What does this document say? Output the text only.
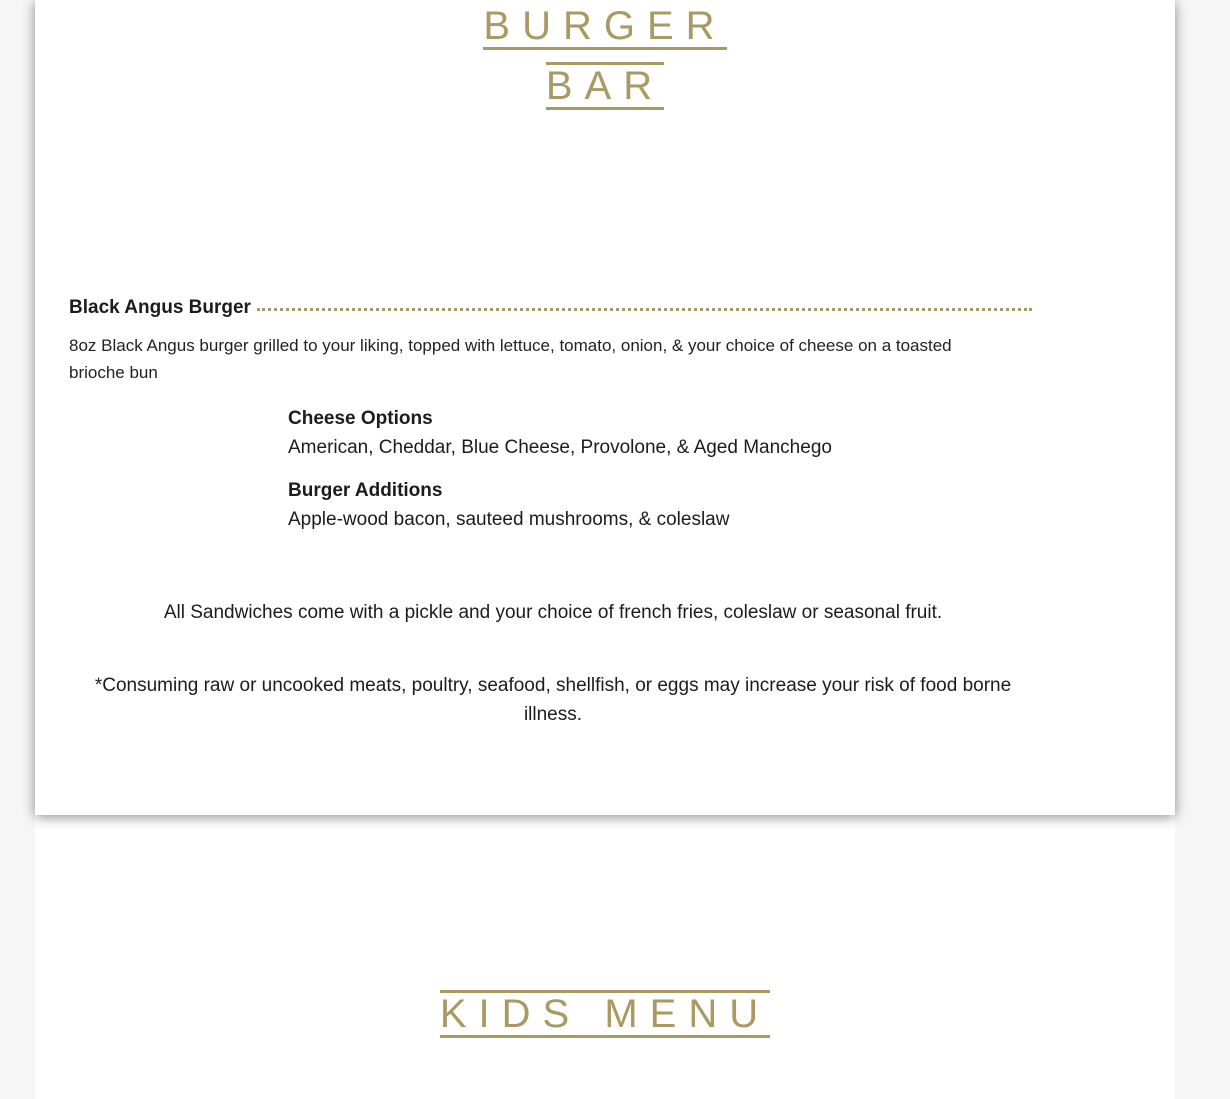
BURGER
BAR
Black Angus Burger
8oz Black Angus burger grilled to your liking, topped with lettuce, tomato, onion, & your choice of cheese on a toasted brioche bun
Cheese Options
American, Cheddar, Blue Cheese, Provolone, & Aged Manchego
Burger Additions
Apple-wood bacon, sauteed mushrooms, & coleslaw
All Sandwiches come with a pickle and your choice of french fries, coleslaw or seasonal fruit.
*Consuming raw or uncooked meats, poultry, seafood, shellfish, or eggs may increase your risk of food borne illness.
KIDS MENU
